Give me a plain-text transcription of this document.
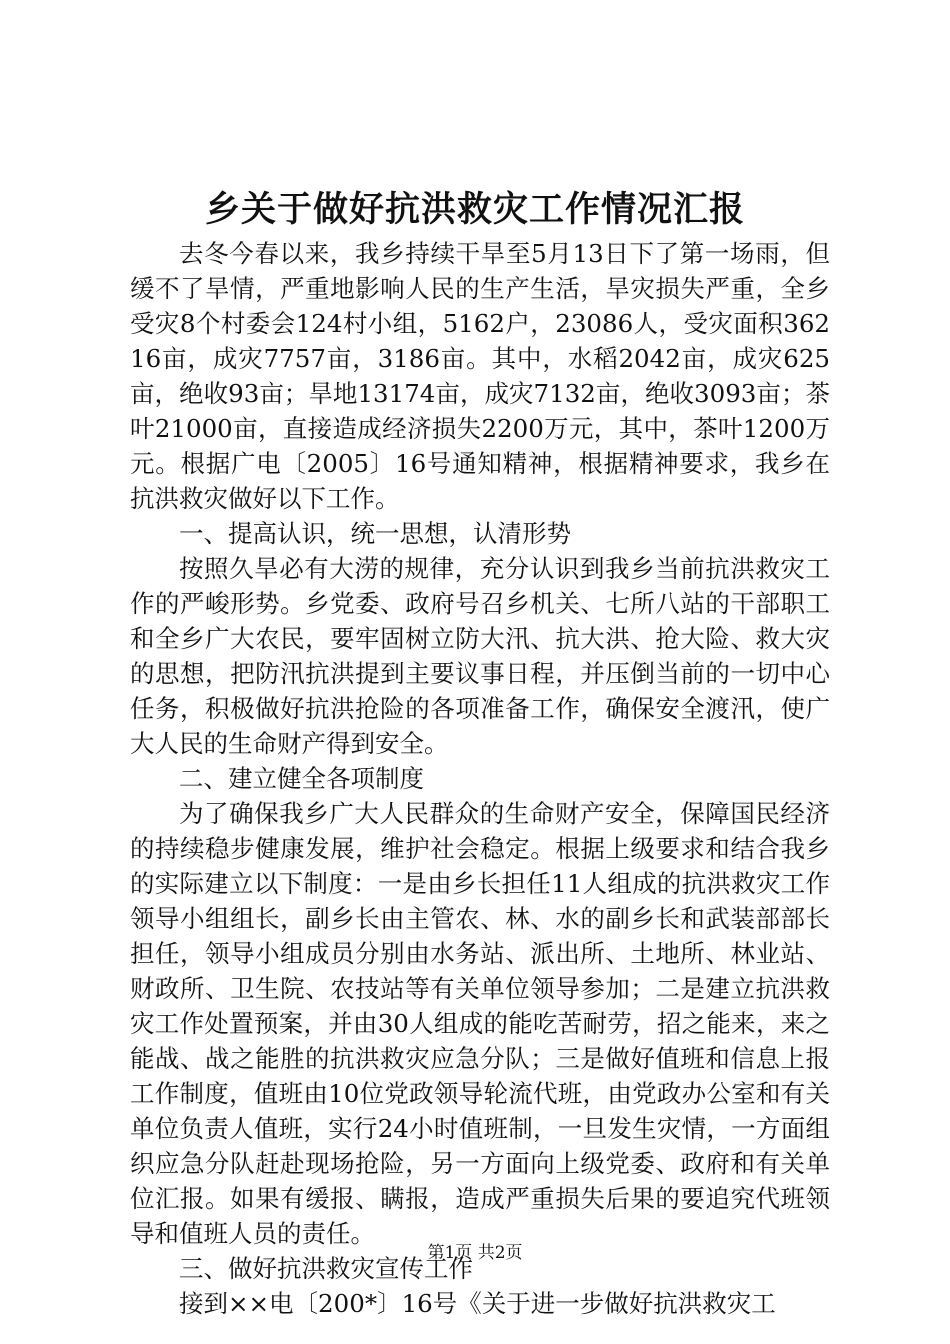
乡关于做好抗洪救灾工作情况汇报

去冬今春以来，我乡持续干旱至5月13日下了第一场雨，但缓不了旱情，严重地影响人民的生产生活，旱灾损失严重，全乡受灾8个村委会124村小组，5162户，23086人，受灾面积36216亩，成灾7757亩，3186亩。其中，水稻2042亩，成灾625亩，绝收93亩；旱地13174亩，成灾7132亩，绝收3093亩；茶叶21000亩，直接造成经济损失2200万元，其中，茶叶1200万元。根据广电〔2005〕16号通知精神，根据精神要求，我乡在抗洪救灾做好以下工作。

一、提高认识，统一思想，认清形势

按照久旱必有大涝的规律，充分认识到我乡当前抗洪救灾工作的严峻形势。乡党委、政府号召乡机关、七所八站的干部职工和全乡广大农民，要牢固树立防大汛、抗大洪、抢大险、救大灾的思想，把防汛抗洪提到主要议事日程，并压倒当前的一切中心任务，积极做好抗洪抢险的各项准备工作，确保安全渡汛，使广大人民的生命财产得到安全。

二、建立健全各项制度

为了确保我乡广大人民群众的生命财产安全，保障国民经济的持续稳步健康发展，维护社会稳定。根据上级要求和结合我乡的实际建立以下制度：一是由乡长担任11人组成的抗洪救灾工作领导小组组长，副乡长由主管农、林、水的副乡长和武装部部长担任，领导小组成员分别由水务站、派出所、土地所、林业站、财政所、卫生院、农技站等有关单位领导参加；二是建立抗洪救灾工作处置预案，并由30人组成的能吃苦耐劳，招之能来，来之能战、战之能胜的抗洪救灾应急分队；三是做好值班和信息上报工作制度，值班由10位党政领导轮流代班，由党政办公室和有关单位负责人值班，实行24小时值班制，一旦发生灾情，一方面组织应急分队赶赴现场抢险，另一方面向上级党委、政府和有关单位汇报。如果有缓报、瞒报，造成严重损失后果的要追究代班领导和值班人员的责任。

三、做好抗洪救灾宣传工作

接到××电〔200*〕16号《关于进一步做好抗洪救灾工

第1页 共2页
